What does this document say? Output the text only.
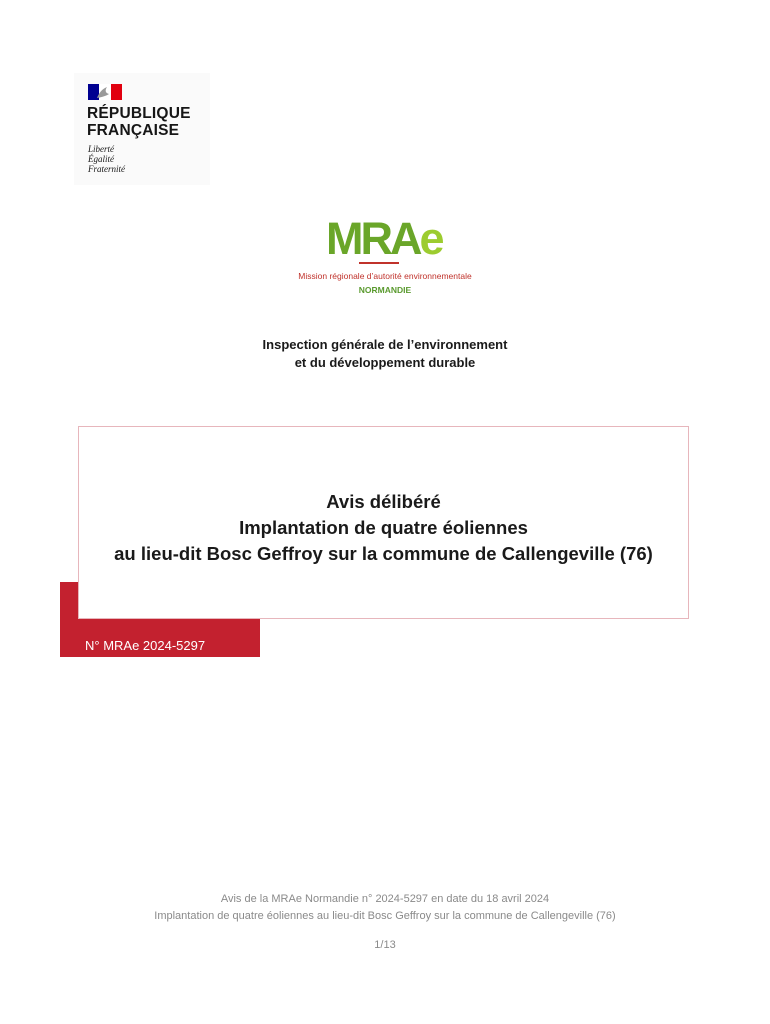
RÉPUBLIQUE
FRANÇAISE
Liberté
Égalité
Fraternité
MRAe
Mission régionale d’autorité environnementale
NORMANDIE
Inspection générale de l’environnement
et du développement durable
Avis délibéré
Implantation de quatre éoliennes
au lieu-dit Bosc Geffroy sur la commune de Callengeville (76)
N° MRAe 2024-5297
Avis de la MRAe Normandie n° 2024-5297 en date du 18 avril 2024
Implantation de quatre éoliennes au lieu-dit Bosc Geffroy sur la commune de Callengeville (76)
1/13
